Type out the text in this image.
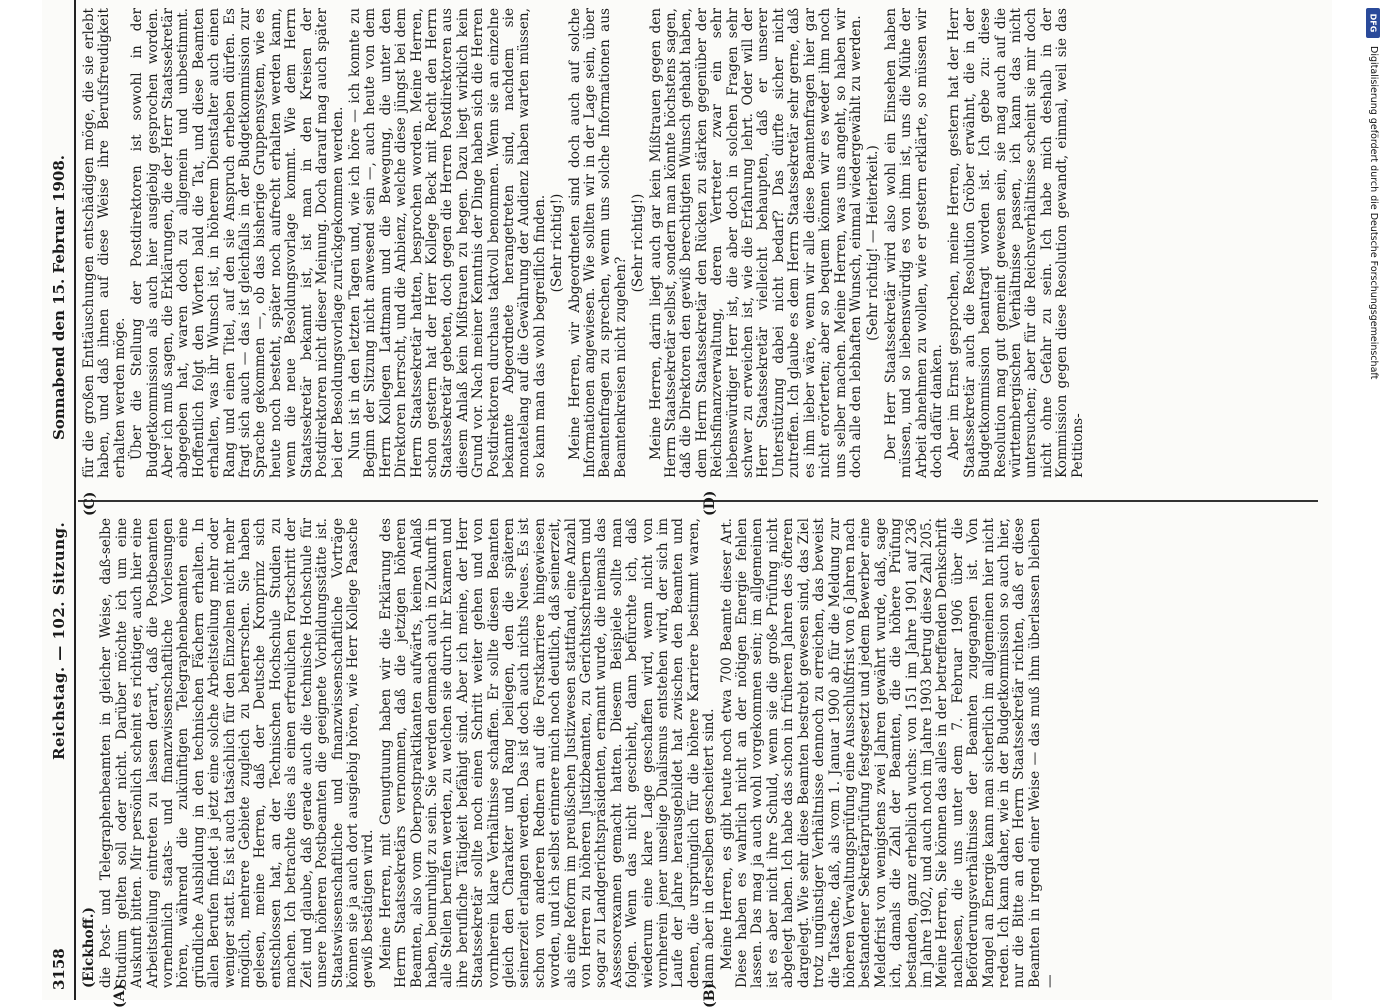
3158
Reichstag. — 102. Sitzung.
Sonnabend den 15. Februar 1908.
(A)	(B)
(C)	(D)

(Eickhoff.) die Post- und Telegraphenbeamten in gleicher Weise, daß-selbe Studium gelten soll oder nicht. Darüber möchte ich um eine Auskunft bitten. Mir persönlich scheint es richtiger, auch hier eine Arbeitsteilung eintreten zu lassen derart, daß die Postbeamten vornehmlich staats- und finanzwissenschaftliche Vorlesungen hören, während die zukünftigen Telegraphenbeamten eine gründliche Ausbildung in den technischen Fächern erhalten. In allen Berufen findet ja jetzt eine solche Arbeitsteilung mehr oder weniger statt. Es ist auch tatsächlich für den Einzelnen nicht mehr möglich, mehrere Gebiete zugleich zu beherrschen. Sie haben gelesen, meine Herren, daß der Deutsche Kronprinz sich entschlossen hat, an der Technischen Hochschule Studien zu machen. Ich betrachte dies als einen erfreulichen Fortschritt der Zeit und glaube, daß gerade auch die technische Hochschule für unsere höheren Postbeamten die geeignete Vorbildungsstätte ist. Staatswissenschaftliche und finanzwissenschaftliche Vorträge können sie ja auch dort ausgiebig hören, wie Herr Kollege Paasche gewiß bestätigen wird. Meine Herren, mit Genugtuung haben wir die Erklärung des Herrn Staatssekretärs vernommen, daß die jetzigen höheren Beamten, also vom Oberpostpraktikanten aufwärts, keinen Anlaß haben, beunruhigt zu sein. Sie werden demnach auch in Zukunft in alle Stellen berufen werden, zu welchen sie durch ihr Examen und ihre berufliche Tätigkeit befähigt sind. Aber ich meine, der Herr Staatssekretär sollte noch einen Schritt weiter gehen und von vornherein klare Verhältnisse schaffen. Er sollte diesen Beamten gleich den Charakter und Rang beilegen, den die späteren seinerzeit erlangen werden. Das ist doch auch nichts Neues. Es ist schon von anderen Rednern auf die Forstkarriere hingewiesen worden, und ich selbst erinnere mich noch deutlich, daß seinerzeit, als eine Reform im preußischen Justizwesen stattfand, eine Anzahl von Herren zu höheren Justizbeamten, zu Gerichtsschreibern und sogar zu Landgerichtspräsidenten, ernannt wurde, die niemals das Assessorexamen gemacht hatten. Diesem Beispiele sollte man folgen. Wenn das nicht geschieht, dann befürchte ich, daß wiederum eine klare Lage geschaffen wird, wenn nicht von vornherein jener unselige Dualismus entstehen wird, der sich im Laufe der Jahre herausgebildet hat zwischen den Beamten und denen, die ursprünglich für die höhere Karriere bestimmt waren, dann aber in derselben gescheitert sind. Meine Herren, es gibt heute noch etwa 700 Beamte dieser Art. Diese haben es wahrlich nicht an der nötigen Energie fehlen lassen. Das mag ja auch wohl vorgekommen sein; im allgemeinen ist es aber nicht ihre Schuld, wenn sie die große Prüfung nicht abgelegt haben. Ich habe das schon in früheren Jahren des öfteren dargelegt. Wie sehr diese Beamten bestrebt gewesen sind, das Ziel trotz ungünstiger Verhältnisse dennoch zu erreichen, das beweist die Tatsache, daß, als vom 1. Januar 1900 ab für die Meldung zur höheren Verwaltungsprüfung eine Ausschlußfrist von 6 Jahren nach bestandener Sekretärprüfung festgesetzt und jedem Bewerber eine Meldefrist von wenigstens zwei Jahren gewährt wurde, daß, sage ich, damals die Zahl der Beamten, die die höhere Prüfung bestanden, ganz erheblich wuchs: von 151 im Jahre 1901 auf 236 im Jahre 1902, und auch noch im Jahre 1903 betrug diese Zahl 205. Meine Herren, Sie können das alles in der betreffenden Denkschrift nachlesen, die uns unter dem 7. Februar 1906 über die Beförderungsverhältnisse der Beamten zugegangen ist. Von Mangel an Energie kann man sicherlich im allgemeinen hier nicht reden. Ich kann daher, wie in der Budgetkommission so auch hier, nur die Bitte an den Herrn Staatssekretär richten, daß er diese Beamten in irgend einer Weise — das muß ihm überlassen bleiben —

für die großen Enttäuschungen entschädigen möge, die sie erlebt haben, und daß ihnen auf diese Weise ihre Berufsfreudigkeit erhalten werden möge. Über die Stellung der Postdirektoren ist sowohl in der Budgetkommission als auch hier ausgiebig gesprochen worden. Aber ich muß sagen, die Erklärungen, die der Herr Staatssekretär abgegeben hat, waren doch zu allgemein und unbestimmt. Hoffentlich folgt den Worten bald die Tat, und diese Beamten erhalten, was ihr Wunsch ist, in höherem Dienstalter auch einen Rang und einen Titel, auf den sie Anspruch erheben dürfen. Es fragt sich auch — das ist gleichfalls in der Budgetkommission zur Sprache gekommen —, ob das bisherige Gruppensystem, wie es heute noch besteht, später noch aufrecht erhalten werden kann, wenn die neue Besoldungsvorlage kommt. Wie dem Herrn Staatssekretär bekannt ist, ist man in den Kreisen der Postdirektoren nicht dieser Meinung. Doch darauf mag auch später bei der Besoldungsvorlage zurückgekommen werden. Nun ist in den letzten Tagen und, wie ich höre — ich konnte zu Beginn der Sitzung nicht anwesend sein —, auch heute von dem Herrn Kollegen Lattmann und die Bewegung, die unter den Direktoren herrscht, und die Anbienz, welche diese jüngst bei dem Herrn Staatssekretär hatten, besprochen worden. Meine Herren, schon gestern hat der Herr Kollege Beck mit Recht den Herrn Staatssekretär gebeten, doch gegen die Herren Postdirektoren aus diesem Anlaß kein Mißtrauen zu hegen. Dazu liegt wirklich kein Grund vor. Nach meiner Kenntnis der Dinge haben sich die Herren Postdirektoren durchaus taktvoll benommen. Wenn sie an einzelne bekannte Abgeordnete herangetreten sind, nachdem sie monatelang auf die Gewährung der Audienz haben warten müssen, so kann man das wohl begreiflich finden. (Sehr richtig!) Meine Herren, wir Abgeordneten sind doch auch auf solche Informationen angewiesen. Wie sollten wir in der Lage sein, über Beamtenfragen zu sprechen, wenn uns solche Informationen aus Beamtenkreisen nicht zugehen?

(Sehr richtig!) Meine Herren, darin liegt auch gar kein Mißtrauen gegen den Herrn Staatssekretär selbst, sondern man könnte höchstens sagen, daß die Direktoren den gewiß berechtigten Wunsch gehabt haben, dem Herrn Staatssekretär den Rücken zu stärken gegenüber der Reichsfinanzverwaltung, deren Vertreter zwar ein sehr liebenswürdiger Herr ist, die aber doch in solchen Fragen sehr schwer zu erweichen ist, wie die Erfahrung lehrt. Oder will der Herr Staatssekretär vielleicht behaupten, daß er unserer Unterstützung dabei nicht bedarf? Das dürfte sicher nicht zutreffen. Ich glaube es dem Herrn Staatssekretär sehr gerne, daß es ihm lieber wäre, wenn wir alle diese Beamtenfragen hier gar nicht erörterten; aber so bequem können wir es weder ihm noch uns selber machen. Meine Herren, was uns angeht, so haben wir doch alle den lebhaften Wunsch, einmal wiedergewählt zu werden. (Sehr richtig! — Heiterkeit.) Der Herr Staatssekretär wird also wohl ein Einsehen haben müssen, und so liebenswürdig es von ihm ist, uns die Mühe der Arbeit abnehmen zu wollen, wie er gestern erklärte, so müssen wir doch dafür danken. Aber im Ernst gesprochen, meine Herren, gestern hat der Herr Staatssekretär auch die Resolution Gröber erwähnt, die in der Budgetkommission beantragt worden ist. Ich gebe zu: diese Resolution mag gut gemeint gewesen sein, sie mag auch auf die württembergischen Verhältnisse passen, ich kann das nicht untersuchen; aber für die Reichsverhältnisse scheint sie mir doch nicht ohne Gefahr zu sein. Ich habe mich deshalb in der Kommission gegen diese Resolution gewandt, einmal, weil sie das Petitions-

DFG
Digitalisierung gefördert durch die Deutsche Forschungsgemeinschaft
